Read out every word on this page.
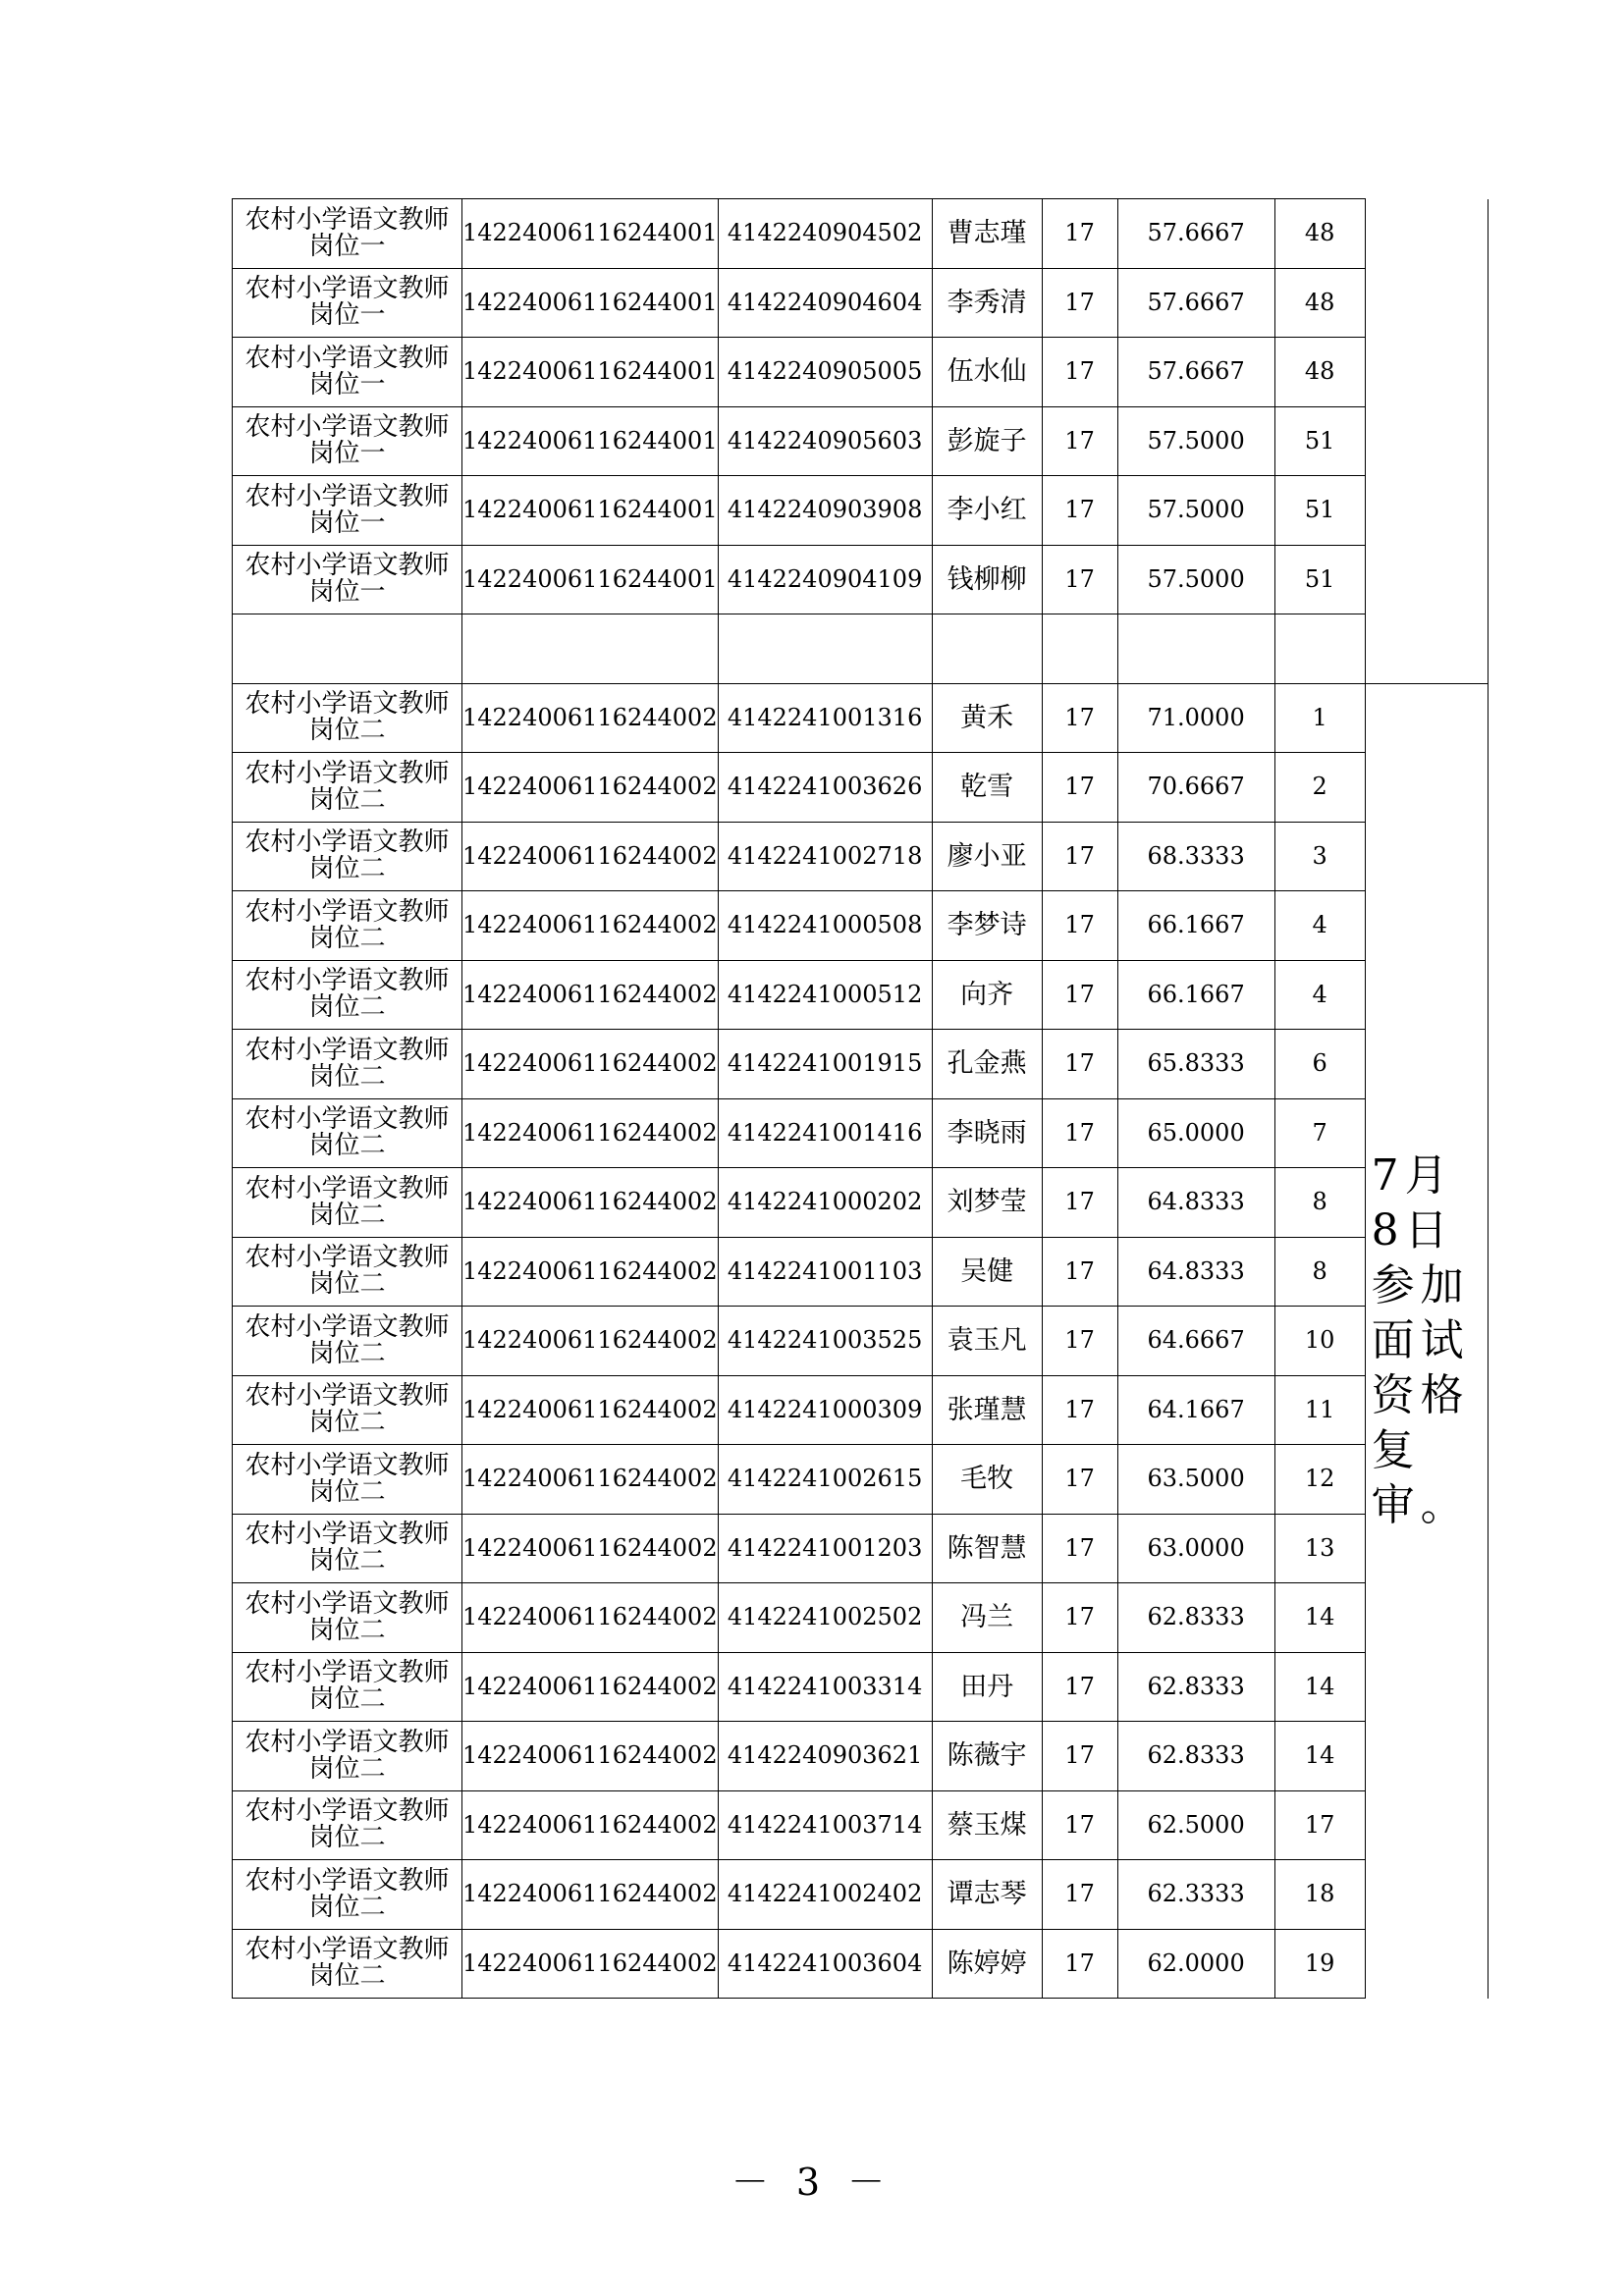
农村小学语文教师岗位一	14224006116244001	4142240904502	曹志瑾	17	57.6667	48	
农村小学语文教师岗位一	14224006116244001	4142240904604	李秀清	17	57.6667	48	
农村小学语文教师岗位一	14224006116244001	4142240905005	伍水仙	17	57.6667	48	
农村小学语文教师岗位一	14224006116244001	4142240905603	彭旋子	17	57.5000	51	
农村小学语文教师岗位一	14224006116244001	4142240903908	李小红	17	57.5000	51	
农村小学语文教师岗位一	14224006116244001	4142240904109	钱柳柳	17	57.5000	51	

农村小学语文教师岗位二	14224006116244002	4142241001316	黄禾	17	71.0000	1	7月8日参加面试资格复审。
农村小学语文教师岗位二	14224006116244002	4142241003626	乾雪	17	70.6667	2	
农村小学语文教师岗位二	14224006116244002	4142241002718	廖小亚	17	68.3333	3	
农村小学语文教师岗位二	14224006116244002	4142241000508	李梦诗	17	66.1667	4	
农村小学语文教师岗位二	14224006116244002	4142241000512	向齐	17	66.1667	4	
农村小学语文教师岗位二	14224006116244002	4142241001915	孔金燕	17	65.8333	6	
农村小学语文教师岗位二	14224006116244002	4142241001416	李晓雨	17	65.0000	7	
农村小学语文教师岗位二	14224006116244002	4142241000202	刘梦莹	17	64.8333	8	
农村小学语文教师岗位二	14224006116244002	4142241001103	吴健	17	64.8333	8	
农村小学语文教师岗位二	14224006116244002	4142241003525	袁玉凡	17	64.6667	10	
农村小学语文教师岗位二	14224006116244002	4142241000309	张瑾慧	17	64.1667	11	
农村小学语文教师岗位二	14224006116244002	4142241002615	毛牧	17	63.5000	12	
农村小学语文教师岗位二	14224006116244002	4142241001203	陈智慧	17	63.0000	13	
农村小学语文教师岗位二	14224006116244002	4142241002502	冯兰	17	62.8333	14	
农村小学语文教师岗位二	14224006116244002	4142241003314	田丹	17	62.8333	14	
农村小学语文教师岗位二	14224006116244002	4142240903621	陈薇宇	17	62.8333	14	
农村小学语文教师岗位二	14224006116244002	4142241003714	蔡玉煤	17	62.5000	17	
农村小学语文教师岗位二	14224006116244002	4142241002402	谭志琴	17	62.3333	18	
农村小学语文教师岗位二	14224006116244002	4142241003604	陈婷婷	17	62.0000	19	
－ 3 －
